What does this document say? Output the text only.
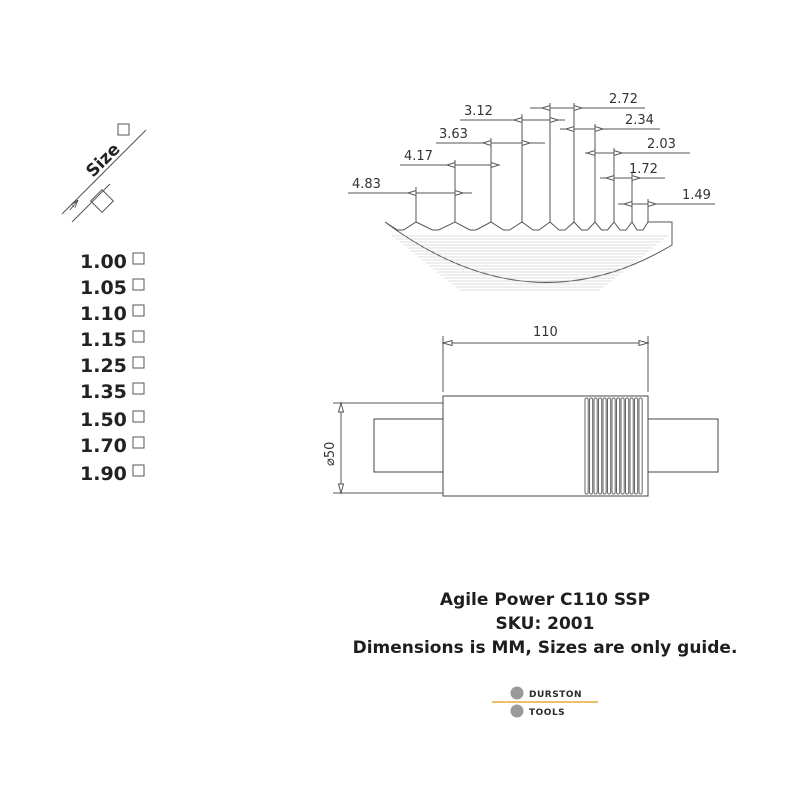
Size
1.00
1.05
1.10
1.15
1.25
1.35
1.50
1.70
1.90
4.83
4.17
3.63
3.12
2.72
2.34
2.03
1.72
1.49
110
⌀50
DURSTON
TOOLS
Agile Power C110 SSP
SKU: 2001
Dimensions is MM, Sizes are only guide.
